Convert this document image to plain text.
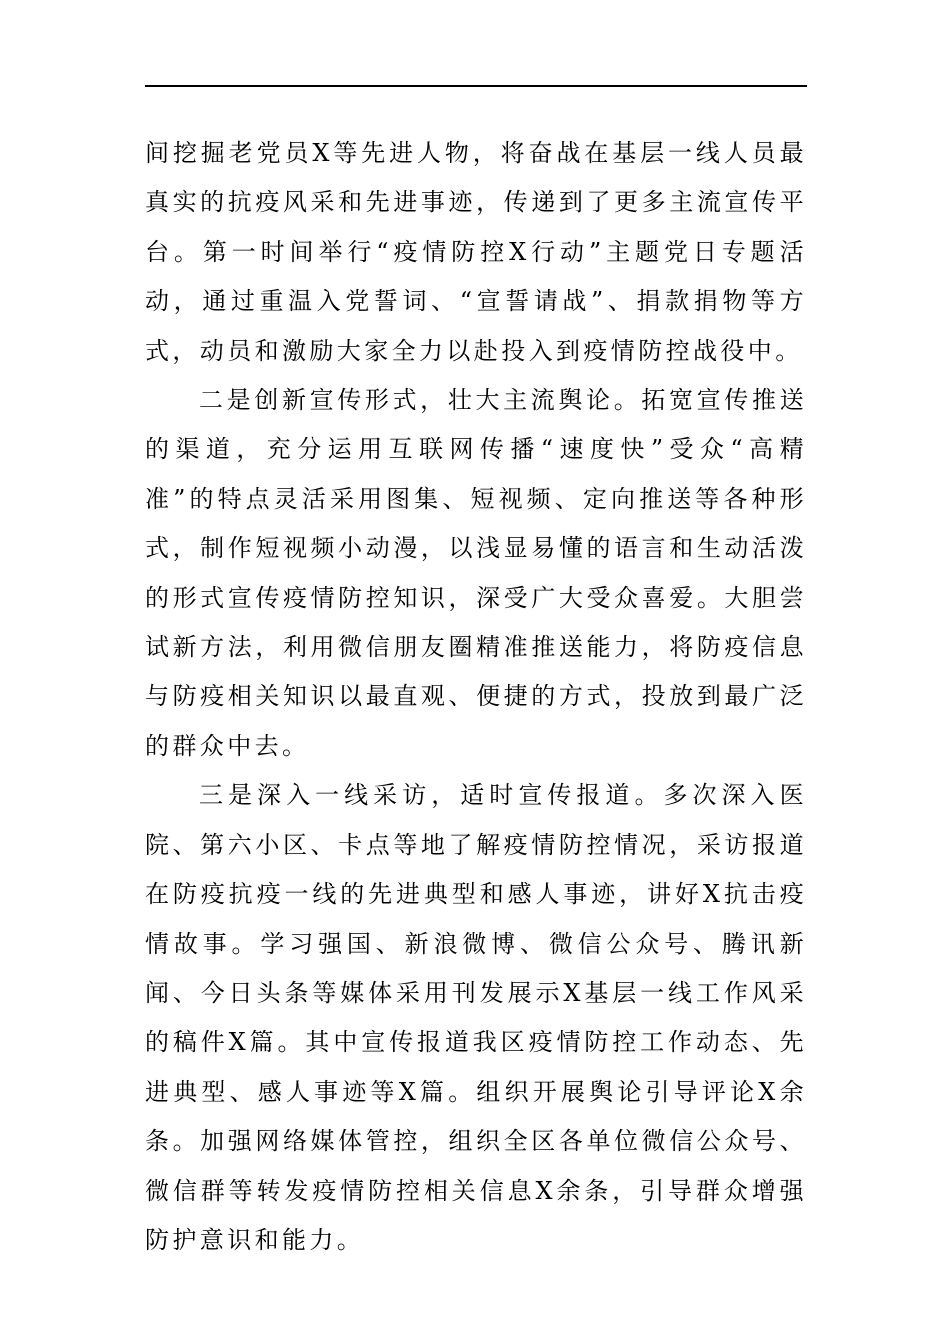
间挖掘老党员X等先进人物，将奋战在基层一线人员最真实的抗疫风采和先进事迹，传递到了更多主流宣传平台。第一时间举行“疫情防控X行动”主题党日专题活动，通过重温入党誓词、“宣誓请战”、捐款捐物等方式，动员和激励大家全力以赴投入到疫情防控战役中。

二是创新宣传形式，壮大主流舆论。拓宽宣传推送的渠道，充分运用互联网传播“速度快”受众“高精准”的特点灵活采用图集、短视频、定向推送等各种形式，制作短视频小动漫，以浅显易懂的语言和生动活泼的形式宣传疫情防控知识，深受广大受众喜爱。大胆尝试新方法，利用微信朋友圈精准推送能力，将防疫信息与防疫相关知识以最直观、便捷的方式，投放到最广泛的群众中去。

三是深入一线采访，适时宣传报道。多次深入医院、第六小区、卡点等地了解疫情防控情况，采访报道在防疫抗疫一线的先进典型和感人事迹，讲好X抗击疫情故事。学习强国、新浪微博、微信公众号、腾讯新闻、今日头条等媒体采用刊发展示X基层一线工作风采的稿件X篇。其中宣传报道我区疫情防控工作动态、先进典型、感人事迹等X篇。组织开展舆论引导评论X余条。加强网络媒体管控，组织全区各单位微信公众号、微信群等转发疫情防控相关信息X余条，引导群众增强防护意识和能力。
